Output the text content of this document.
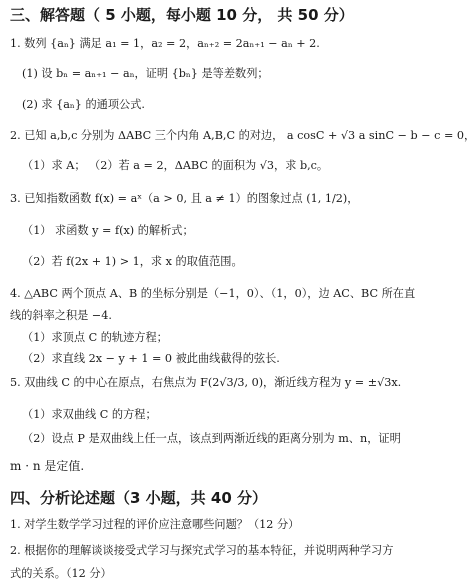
三、解答题（ 5 小题，每小题 10 分， 共 50 分）
1. 数列 {aₙ} 满足 a₁ = 1，a₂ = 2，aₙ₊₂ = 2aₙ₊₁ − aₙ + 2.
(1) 设 bₙ = aₙ₊₁ − aₙ，证明 {bₙ} 是等差数列；
(2) 求 {aₙ} 的通项公式.
2. 已知 a,b,c 分别为 ΔABC 三个内角 A,B,C 的对边， a cosC + √3 a sinC − b − c = 0，
（1）求 A； （2）若 a = 2，ΔABC 的面积为 √3，求 b,c。
3. 已知指数函数 f(x) = aˣ（a > 0, 且 a ≠ 1）的图象过点 (1, 1/2)，
（1） 求函数 y = f(x) 的解析式；
（2）若 f(2x + 1) > 1，求 x 的取值范围。
4. △ABC 两个顶点 A、B 的坐标分别是（−1，0）、（1，0），边 AC、BC 所在直
线的斜率之积是 −4.
（1）求顶点 C 的轨迹方程；
（2）求直线 2x − y + 1 = 0 被此曲线截得的弦长.
5. 双曲线 C 的中心在原点，右焦点为 F(2√3/3, 0)，渐近线方程为 y = ±√3x.
（1）求双曲线 C 的方程；
（2）设点 P 是双曲线上任一点，该点到两渐近线的距离分别为 m、n，证明
m · n 是定值.
四、分析论述题（3 小题，共 40 分）
1. 对学生数学学习过程的评价应注意哪些问题？（12 分）
2. 根据你的理解谈谈接受式学习与探究式学习的基本特征，并说明两种学习方
式的关系。（12 分）
